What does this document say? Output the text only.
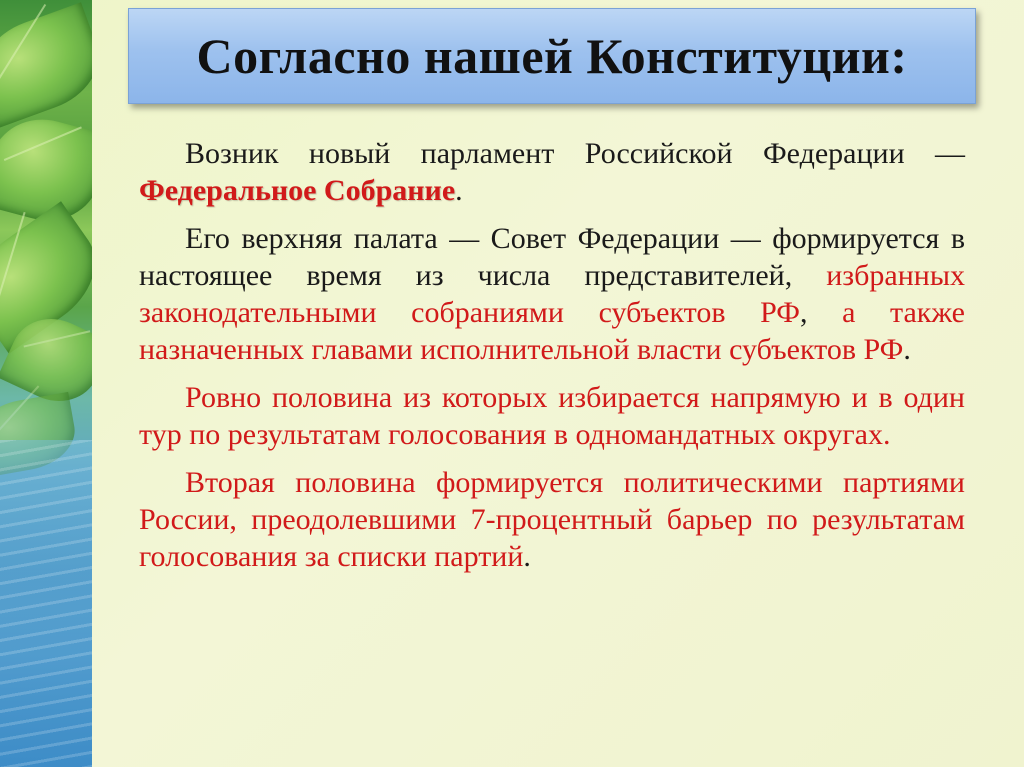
Согласно нашей Конституции:

Возник новый парламент Российской Федерации — Федеральное Собрание.

Его верхняя палата — Совет Федерации — формируется в настоящее время из числа представителей, избранных законодательными собраниями субъектов РФ, а также назначенных главами исполнительной власти субъектов РФ.

Ровно половина из которых избирается напрямую и в один тур по результатам голосования в одномандатных округах.

Вторая половина формируется политическими партиями России, преодолевшими 7-процентный барьер по результатам голосования за списки партий.
